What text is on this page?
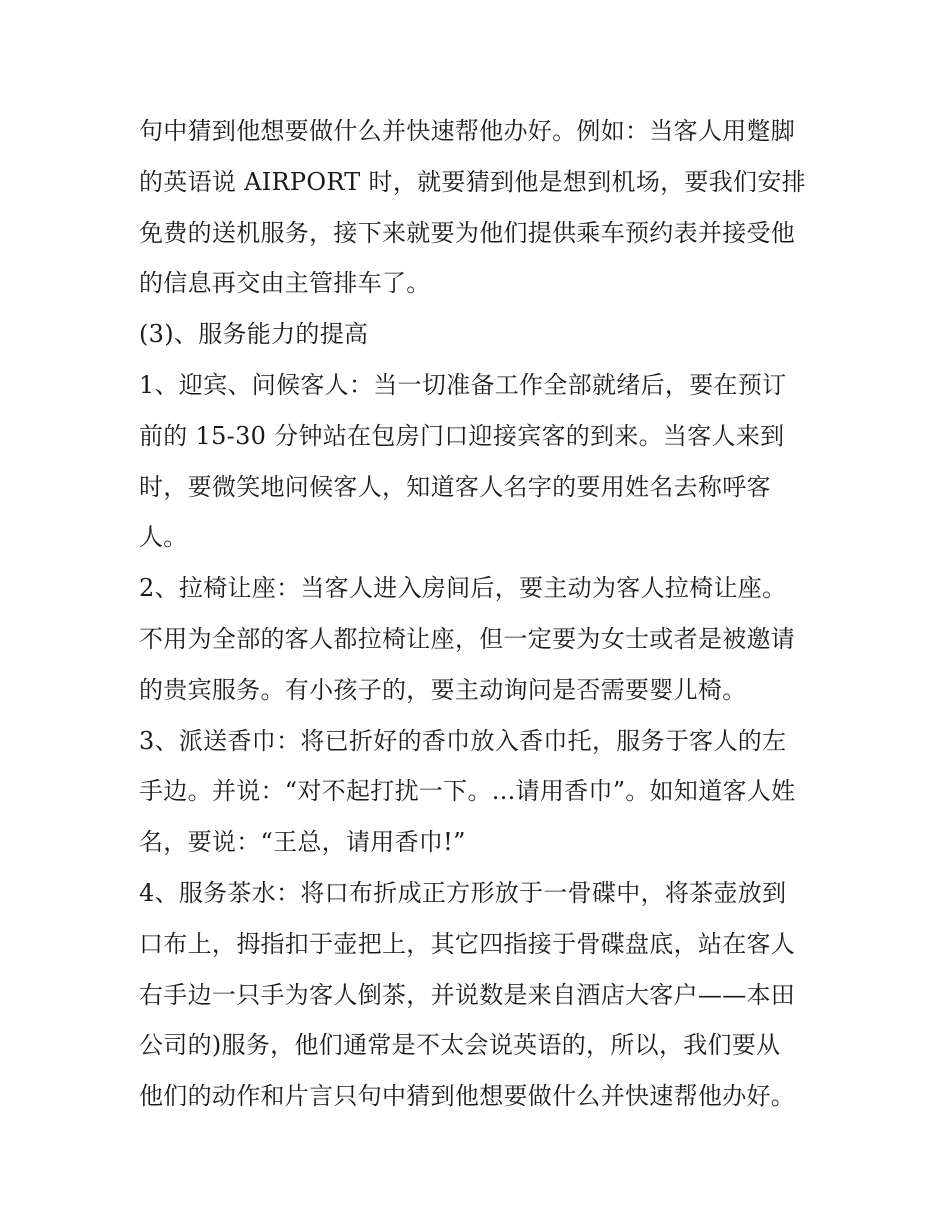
句中猜到他想要做什么并快速帮他办好。例如：当客人用蹩脚
的英语说 AIRPORT 时，就要猜到他是想到机场，要我们安排
免费的送机服务，接下来就要为他们提供乘车预约表并接受他
的信息再交由主管排车了。
(3)、服务能力的提高
1、迎宾、问候客人：当一切准备工作全部就绪后，要在预订
前的 15-30 分钟站在包房门口迎接宾客的到来。当客人来到
时，要微笑地问候客人，知道客人名字的要用姓名去称呼客
人。
2、拉椅让座：当客人进入房间后，要主动为客人拉椅让座。
不用为全部的客人都拉椅让座，但一定要为女士或者是被邀请
的贵宾服务。有小孩子的，要主动询问是否需要婴儿椅。
3、派送香巾：将已折好的香巾放入香巾托，服务于客人的左
手边。并说：“对不起打扰一下。...请用香巾”。如知道客人姓
名，要说：“王总，请用香巾!”
4、服务茶水：将口布折成正方形放于一骨碟中，将茶壶放到
口布上，拇指扣于壶把上，其它四指接于骨碟盘底，站在客人
右手边一只手为客人倒茶，并说数是来自酒店大客户——本田
公司的)服务，他们通常是不太会说英语的，所以，我们要从
他们的动作和片言只句中猜到他想要做什么并快速帮他办好。
